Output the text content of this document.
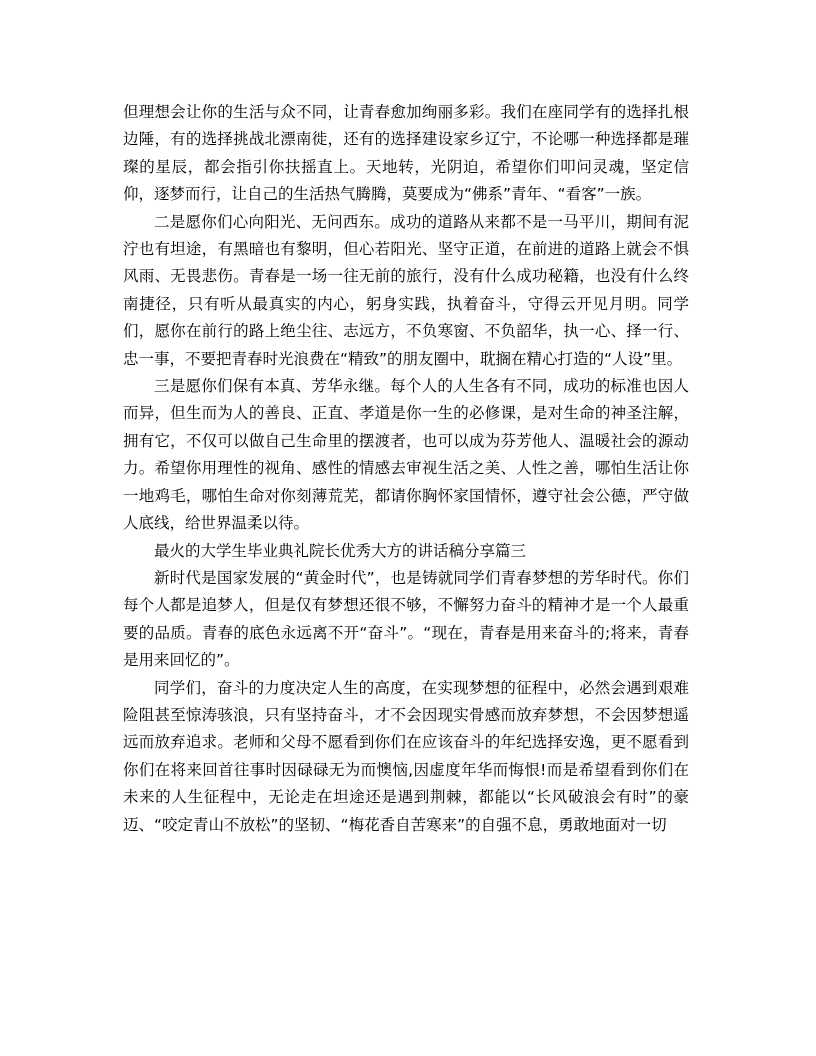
但理想会让你的生活与众不同，让青春愈加绚丽多彩。我们在座同学有的选择扎根边陲，有的选择挑战北漂南徙，还有的选择建设家乡辽宁，不论哪一种选择都是璀璨的星辰，都会指引你扶摇直上。天地转，光阴迫，希望你们叩问灵魂，坚定信仰，逐梦而行，让自己的生活热气腾腾，莫要成为“佛系”青年、“看客”一族。

二是愿你们心向阳光、无问西东。成功的道路从来都不是一马平川，期间有泥泞也有坦途，有黑暗也有黎明，但心若阳光、坚守正道，在前进的道路上就会不惧风雨、无畏悲伤。青春是一场一往无前的旅行，没有什么成功秘籍，也没有什么终南捷径，只有听从最真实的内心，躬身实践，执着奋斗，守得云开见月明。同学们，愿你在前行的路上绝尘往、志远方，不负寒窗、不负韶华，执一心、择一行、忠一事，不要把青春时光浪费在“精致”的朋友圈中，耽搁在精心打造的“人设”里。

三是愿你们保有本真、芳华永继。每个人的人生各有不同，成功的标准也因人而异，但生而为人的善良、正直、孝道是你一生的必修课，是对生命的神圣注解，拥有它，不仅可以做自己生命里的摆渡者，也可以成为芬芳他人、温暖社会的源动力。希望你用理性的视角、感性的情感去审视生活之美、人性之善，哪怕生活让你一地鸡毛，哪怕生命对你刻薄荒芜，都请你胸怀家国情怀，遵守社会公德，严守做人底线，给世界温柔以待。

最火的大学生毕业典礼院长优秀大方的讲话稿分享篇三

新时代是国家发展的“黄金时代”，也是铸就同学们青春梦想的芳华时代。你们每个人都是追梦人，但是仅有梦想还很不够，不懈努力奋斗的精神才是一个人最重要的品质。青春的底色永远离不开“奋斗”。“现在，青春是用来奋斗的;将来，青春是用来回忆的”。

同学们，奋斗的力度决定人生的高度，在实现梦想的征程中，必然会遇到艰难险阻甚至惊涛骇浪，只有坚持奋斗，才不会因现实骨感而放弃梦想，不会因梦想遥远而放弃追求。老师和父母不愿看到你们在应该奋斗的年纪选择安逸，更不愿看到你们在将来回首往事时因碌碌无为而懊恼,因虚度年华而悔恨!而是希望看到你们在未来的人生征程中，无论走在坦途还是遇到荆棘，都能以“长风破浪会有时”的豪迈、“咬定青山不放松”的坚韧、“梅花香自苦寒来”的自强不息，勇敢地面对一切
